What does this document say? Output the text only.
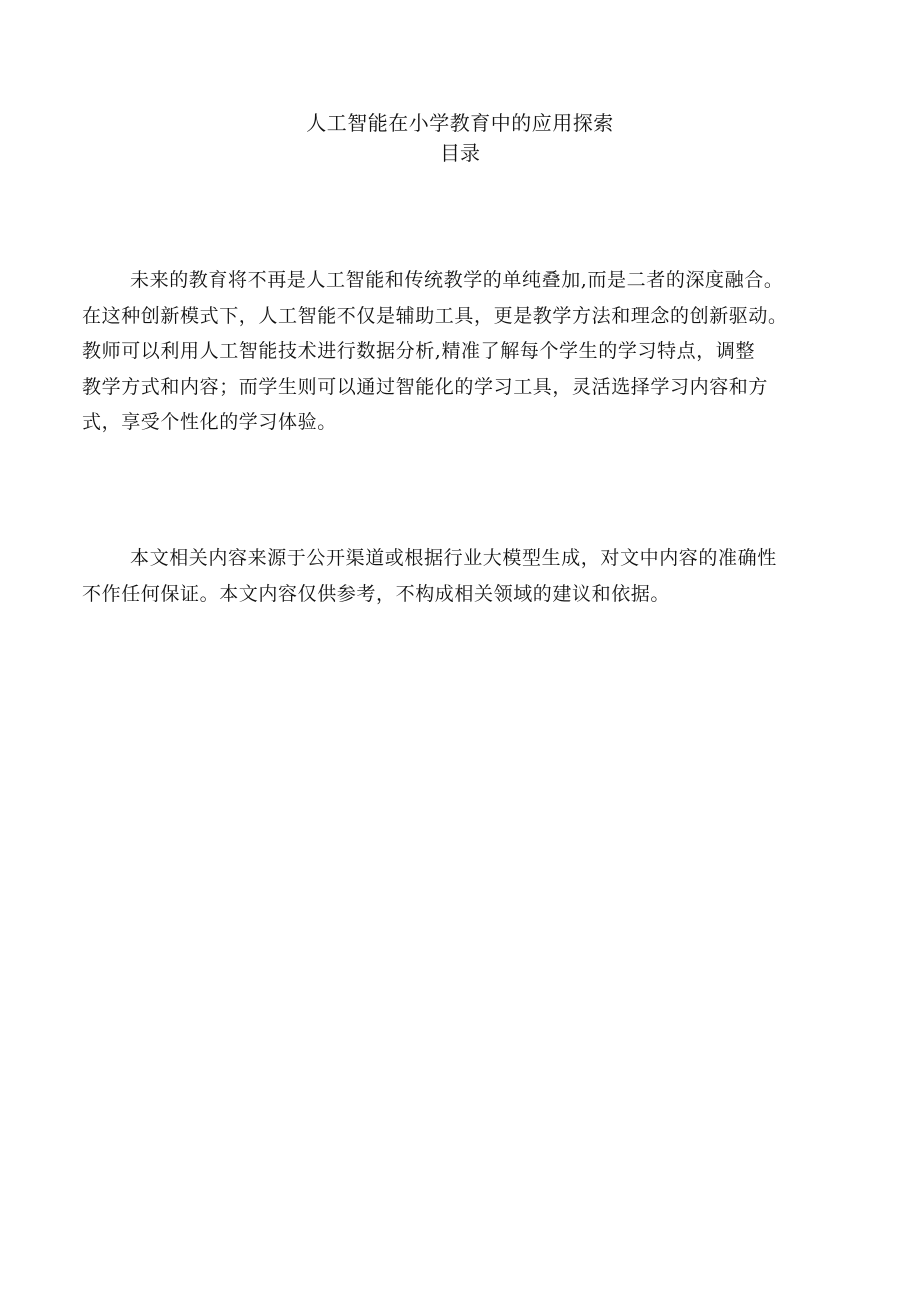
人工智能在小学教育中的应用探索
目录
未来的教育将不再是人工智能和传统教学的单纯叠加,而是二者的深度融合。
在这种创新模式下，人工智能不仅是辅助工具，更是教学方法和理念的创新驱动。
教师可以利用人工智能技术进行数据分析,精准了解每个学生的学习特点，调整
教学方式和内容；而学生则可以通过智能化的学习工具，灵活选择学习内容和方
式，享受个性化的学习体验。
本文相关内容来源于公开渠道或根据行业大模型生成，对文中内容的准确性
不作任何保证。本文内容仅供参考，不构成相关领域的建议和依据。
